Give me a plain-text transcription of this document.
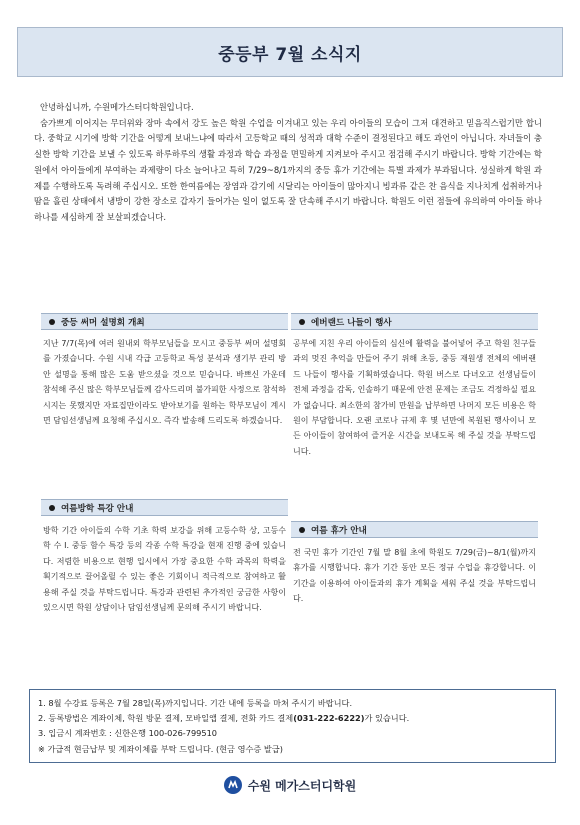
중등부 7월 소식지

안녕하십니까, 수원메가스터디학원입니다.

숨가쁘게 이어지는 무더위와 장마 속에서 강도 높은 학원 수업을 이겨내고 있는 우리 아이들의 모습이 그저 대견하고 믿음직스럽기만 합니다. 중학교 시기에 방학 기간을 어떻게 보내느냐에 따라서 고등학교 때의 성적과 대학 수준이 결정된다고 해도 과언이 아닙니다. 자녀들이 충실한 방학 기간을 보낼 수 있도록 하루하루의 생활 과정과 학습 과정을 면밀하게 지켜보아 주시고 점검해 주시기 바랍니다. 방학 기간에는 학원에서 아이들에게 부여하는 과제량이 다소 늘어나고 특히 7/29~8/1까지의 중등 휴가 기간에는 특별 과제가 부과됩니다. 성실하게 학원 과제를 수행하도록 독려해 주십시오. 또한 한여름에는 장염과 감기에 시달리는 아이들이 많아지니 빙과류 같은 찬 음식을 지나치게 섭취하거나 땀을 흘린 상태에서 냉방이 강한 장소로 갑자기 들어가는 일이 없도록 잘 단속해 주시기 바랍니다. 학원도 이런 점들에 유의하여 아이들 하나하나를 세심하게 잘 보살피겠습니다.

중등 써머 설명회 개최
지난 7/7(목)에 여러 원내외 학부모님들을 모시고 중등부 써머 설명회를 가졌습니다. 수원 시내 각급 고등학교 특성 분석과 생기부 관리 방안 설명을 통해 많은 도움 받으셨을 것으로 믿습니다. 바쁘신 가운데 참석해 주신 많은 학부모님들께 감사드리며 불가피한 사정으로 참석하시지는 못했지만 자료집만이라도 받아보기를 원하는 학부모님이 계시면 담임선생님께 요청해 주십시오. 즉각 발송해 드리도록 하겠습니다.
여름방학 특강 안내
방학 기간 아이들의 수학 기초 학력 보강을 위해 고등수학 상, 고등수학 수 I. 중등 함수 특강 등의 각종 수학 특강을 현재 진행 중에 있습니다. 저렴한 비용으로 현행 입시에서 가장 중요한 수학 과목의 학력을 획기적으로 끌어올릴 수 있는 좋은 기회이니 적극적으로 참여하고 활용해 주실 것을 부탁드립니다. 특강과 관련된 추가적인 궁금한 사항이 있으시면 학원 상담이나 담임선생님께 문의해 주시기 바랍니다.
에버랜드 나들이 행사
공부에 지친 우리 아이들의 심신에 활력을 불어넣어 주고 학원 친구들과의 멋진 추억을 만들어 주기 위해 초등, 중등 재원생 전체의 에버랜드 나들이 행사를 기획하였습니다. 학원 버스로 다녀오고 선생님들이 전체 과정을 감독, 인솔하기 때문에 안전 문제는 조금도 걱정하실 필요가 없습니다. 최소한의 참가비 만원을 납부하면 나머지 모든 비용은 학원이 부담합니다. 오랜 코로나 규제 후 몇 년만에 복원된 행사이니 모든 아이들이 참여하여 즐거운 시간을 보내도록 해 주실 것을 부탁드립니다.
여름 휴가 안내
전 국민 휴가 기간인 7월 말 8월 초에 학원도 7/29(금)~8/1(월)까지 휴가를 시행합니다. 휴가 기간 동안 모든 정규 수업을 휴강합니다. 이 기간을 이용하여 아이들과의 휴가 계획을 세워 주실 것을 부탁드립니다.
1. 8월 수강료 등록은 7월 28일(목)까지입니다. 기간 내에 등록을 마쳐 주시기 바랍니다.
2. 등록방법은 계좌이체, 학원 방문 결제, 모바일앱 결제, 전화 카드 결제(031-222-6222)가 있습니다.
3. 입금시 계좌번호 : 신한은행 100-026-799510
※ 가급적 현금납부 및 계좌이체를 부탁 드립니다. (현금 영수증 발급)
수원 메가스터디학원
